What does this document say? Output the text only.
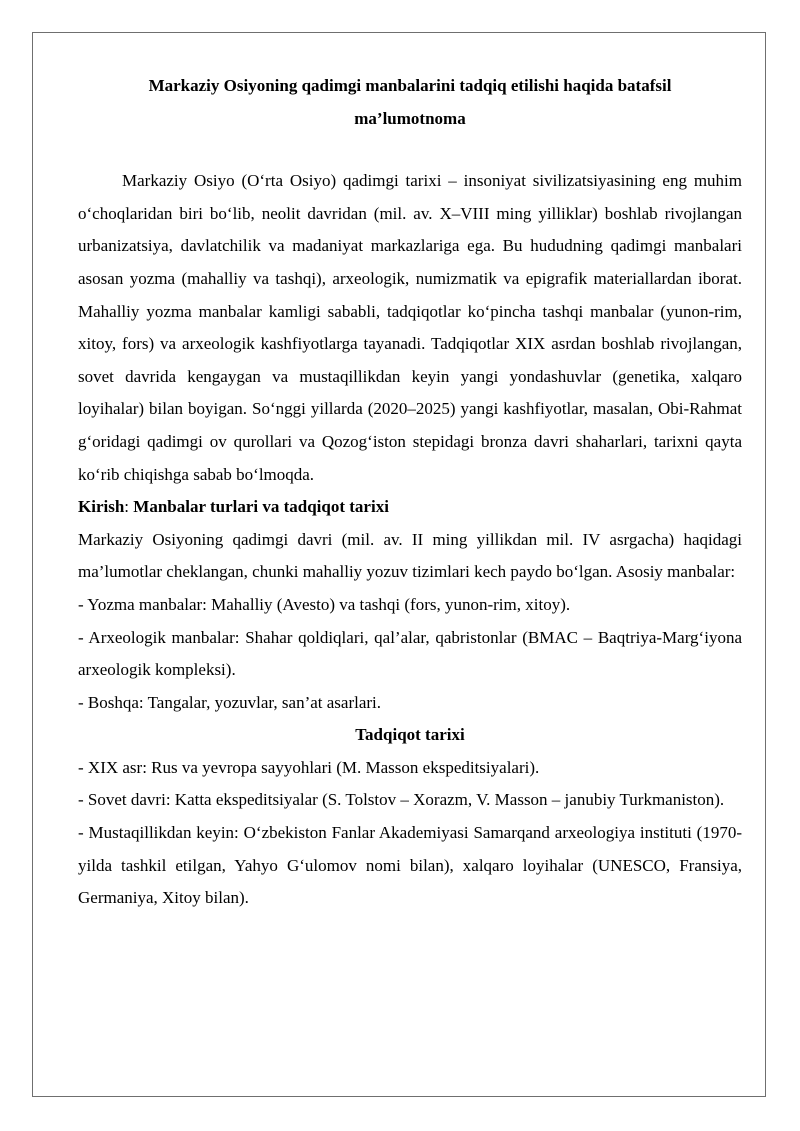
Markaziy Osiyoning qadimgi manbalarini tadqiq etilishi haqida batafsil
ma’lumotnoma

Markaziy Osiyo (O‘rta Osiyo) qadimgi tarixi – insoniyat sivilizatsiyasining eng muhim o‘choqlaridan biri bo‘lib, neolit davridan (mil. av. X–VIII ming yilliklar) boshlab rivojlangan urbanizatsiya, davlatchilik va madaniyat markazlariga ega. Bu hududning qadimgi manbalari asosan yozma (mahalliy va tashqi), arxeologik, numizmatik va epigrafik materiallardan iborat. Mahalliy yozma manbalar kamligi sababli, tadqiqotlar ko‘pincha tashqi manbalar (yunon-rim, xitoy, fors) va arxeologik kashfiyotlarga tayanadi. Tadqiqotlar XIX asrdan boshlab rivojlangan, sovet davrida kengaygan va mustaqillikdan keyin yangi yondashuvlar (genetika, xalqaro loyihalar) bilan boyigan. So‘nggi yillarda (2020–2025) yangi kashfiyotlar, masalan, Obi-Rahmat g‘oridagi qadimgi ov qurollari va Qozog‘iston stepidagi bronza davri shaharlari, tarixni qayta ko‘rib chiqishga sabab bo‘lmoqda.

Kirish: Manbalar turlari va tadqiqot tarixi

Markaziy Osiyoning qadimgi davri (mil. av. II ming yillikdan mil. IV asrgacha) haqidagi ma’lumotlar cheklangan, chunki mahalliy yozuv tizimlari kech paydo bo‘lgan. Asosiy manbalar:

- Yozma manbalar: Mahalliy (Avesto) va tashqi (fors, yunon-rim, xitoy).

- Arxeologik manbalar: Shahar qoldiqlari, qal’alar, qabristonlar (BMAC – Baqtriya-Marg‘iyona arxeologik kompleksi).

- Boshqa: Tangalar, yozuvlar, san’at asarlari.

Tadqiqot tarixi

- XIX asr: Rus va yevropa sayyohlari (M. Masson ekspeditsiyalari).

- Sovet davri: Katta ekspeditsiyalar (S. Tolstov – Xorazm, V. Masson – janubiy Turkmaniston).

- Mustaqillikdan keyin: O‘zbekiston Fanlar Akademiyasi Samarqand arxeologiya instituti (1970-yilda tashkil etilgan, Yahyo G‘ulomov nomi bilan), xalqaro loyihalar (UNESCO, Fransiya, Germaniya, Xitoy bilan).
